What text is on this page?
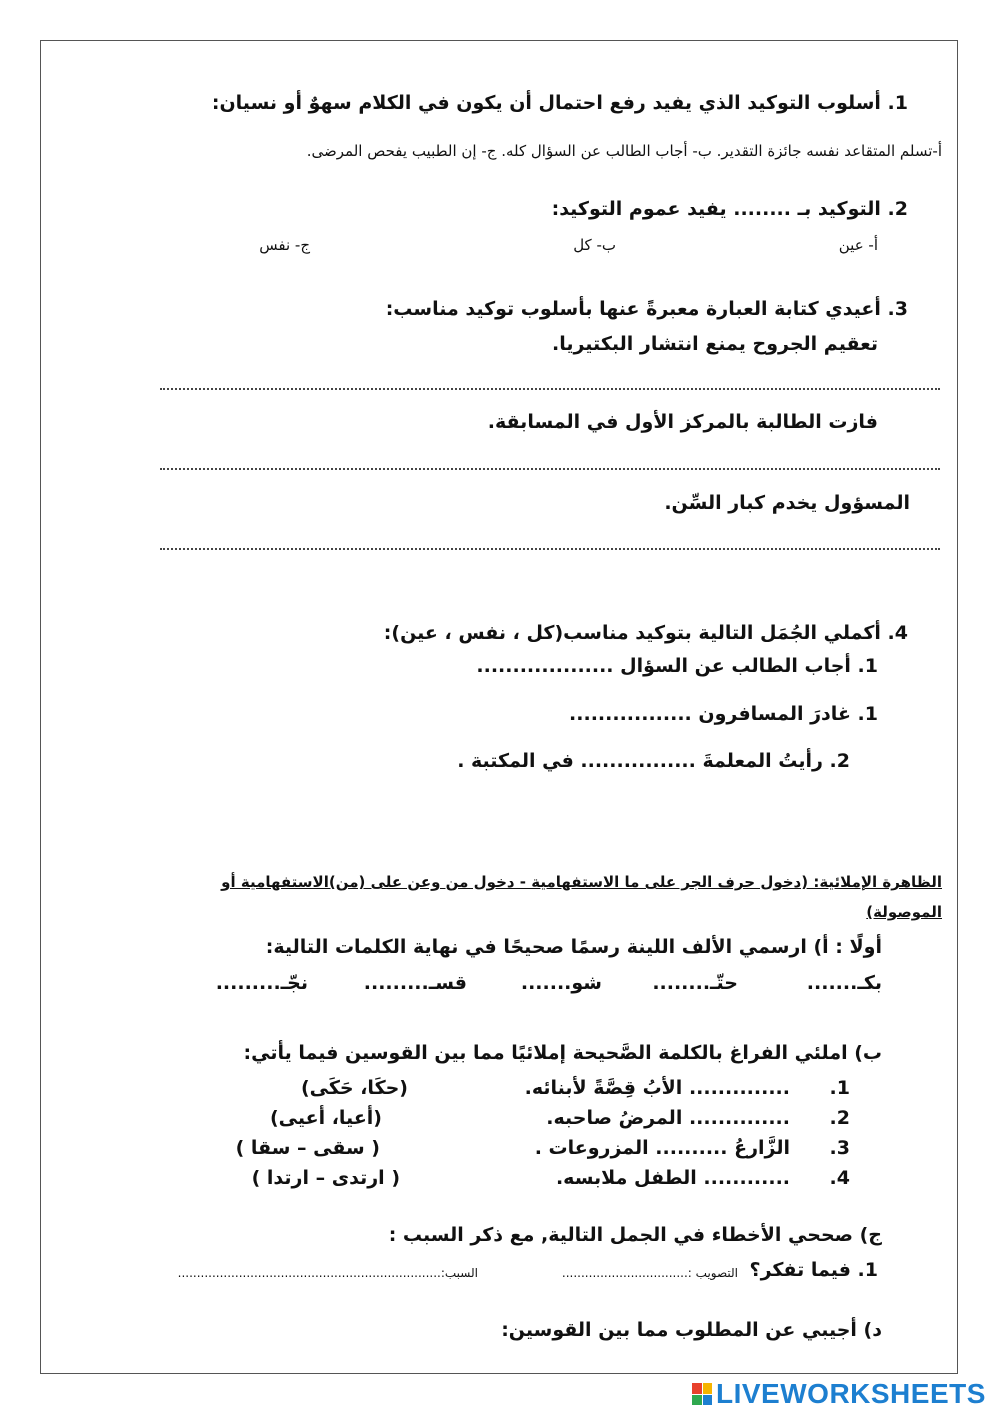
1. أسلوب التوكيد الذي يفيد رفع احتمال أن يكون في الكلام سهوٌ أو نسيان:
أ-تسلم المتقاعد نفسه جائزة التقدير. ب- أجاب الطالب عن السؤال كله. ج- إن الطبيب يفحص المرضى.
2. التوكيد بـ ........ يفيد عموم التوكيد:
أ- عين
ب- كل
ج- نفس
3. أعيدي كتابة العبارة معبرةً عنها بأسلوب توكيد مناسب:
تعقيم الجروح يمنع انتشار البكتيريا.
فازت الطالبة بالمركز الأول في المسابقة.
المسؤول يخدم كبار السِّن.
4. أكملي الجُمَل التالية بتوكيد مناسب(كل ، نفس ، عين):
1. أجاب الطالب عن السؤال ...................
1. غادرَ المسافرون .................
2. رأيتُ المعلمةَ ................ في المكتبة .
الظاهرة الإملائية: (دخول حرف الجر على ما الاستفهامية - دخول من وعن على (من)الاستفهامية أو
الموصولة)
أولًا : أ) ارسمي الألف اللينة رسمًا صحيحًا في نهاية الكلمات التالية:
بكـ.......
حتّـ........
شو.......
قسـ.........
نجّـ.........
ب) املئي الفراغ بالكلمة الصَّحيحة إملائيًا مما بين القوسين فيما يأتي:
1.
.............. الأبُ قِصَّةً لأبنائه.
(حكَا، حَكَى)
2.
.............. المرضُ صاحبه.
(أعيا، أعيى)
3.
الزَّارعُ .......... المزروعات .
( سقى – سقا )
4.
............ الطفل ملابسه.
( ارتدى – ارتدا )
ج) صححي الأخطاء في الجمل التالية, مع ذكر السبب :
1. فيما تفكر؟
التصويب :.................................
السبب:.....................................................................
د) أجيبي عن المطلوب مما بين القوسين:
LIVEWORKSHEETS
